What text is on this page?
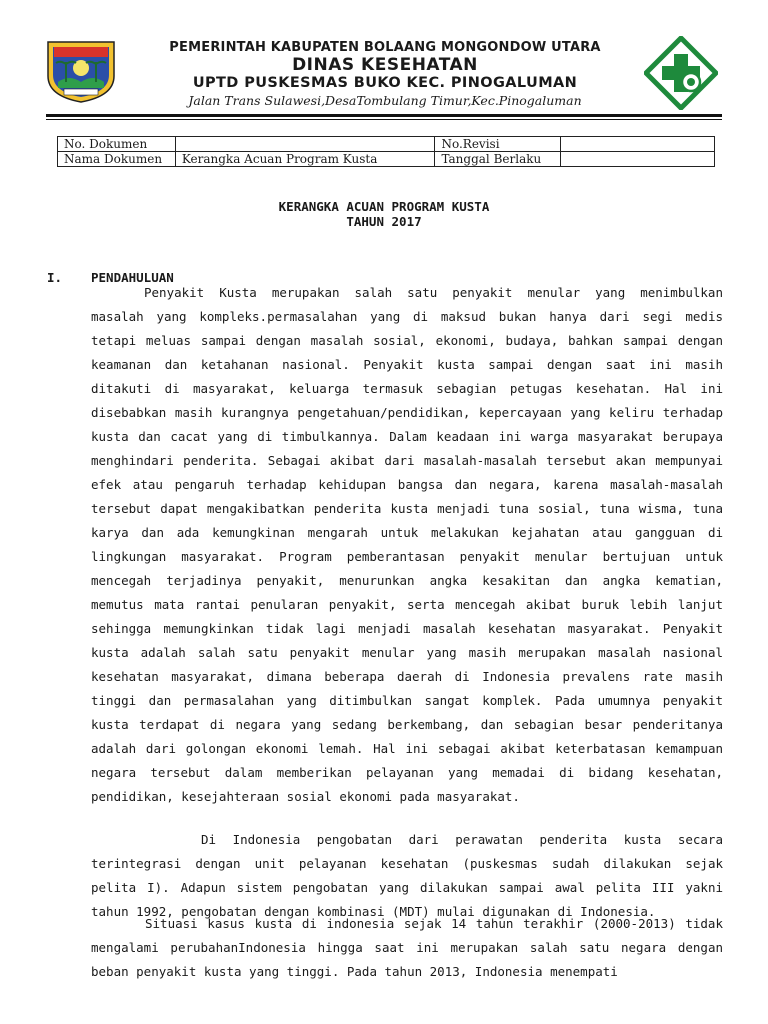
PEMERINTAH KABUPATEN BOLAANG MONGONDOW UTARA
DINAS KESEHATAN
UPTD PUSKESMAS BUKO KEC. PINOGALUMAN
Jalan Trans Sulawesi,DesaTombulang Timur,Kec.Pinogaluman
No. Dokumen		No.Revisi	
Nama Dokumen	Kerangka Acuan Program Kusta	Tanggal Berlaku	
KERANGKA ACUAN PROGRAM KUSTA
TAHUN 2017
I. PENDAHULUAN
Penyakit Kusta merupakan salah satu penyakit menular yang menimbulkan masalah yang kompleks.permasalahan yang di maksud bukan hanya dari segi medis tetapi meluas sampai dengan masalah sosial, ekonomi, budaya, bahkan sampai dengan keamanan dan ketahanan nasional. Penyakit kusta sampai dengan saat ini masih ditakuti di masyarakat, keluarga termasuk sebagian petugas kesehatan. Hal ini disebabkan masih kurangnya pengetahuan/pendidikan, kepercayaan yang keliru terhadap kusta dan cacat yang di timbulkannya. Dalam keadaan ini warga masyarakat berupaya menghindari penderita. Sebagai akibat dari masalah-masalah tersebut akan mempunyai efek atau pengaruh terhadap kehidupan bangsa dan negara, karena masalah-masalah tersebut dapat mengakibatkan penderita kusta menjadi tuna sosial, tuna wisma, tuna karya dan ada kemungkinan mengarah untuk melakukan kejahatan atau gangguan di lingkungan masyarakat. Program pemberantasan penyakit menular bertujuan untuk mencegah terjadinya penyakit, menurunkan angka kesakitan dan angka kematian, memutus mata rantai penularan penyakit, serta mencegah akibat buruk lebih lanjut sehingga memungkinkan tidak lagi menjadi masalah kesehatan masyarakat. Penyakit kusta adalah salah satu penyakit menular yang masih merupakan masalah nasional kesehatan masyarakat, dimana beberapa daerah di Indonesia prevalens rate masih tinggi dan permasalahan yang ditimbulkan sangat komplek. Pada umumnya penyakit kusta terdapat di negara yang sedang berkembang, dan sebagian besar penderitanya adalah dari golongan ekonomi lemah. Hal ini sebagai akibat keterbatasan kemampuan negara tersebut dalam memberikan pelayanan yang memadai di bidang kesehatan, pendidikan, kesejahteraan sosial ekonomi pada masyarakat.
Di Indonesia pengobatan dari perawatan penderita kusta secara terintegrasi dengan unit pelayanan kesehatan (puskesmas sudah dilakukan sejak pelita I). Adapun sistem pengobatan yang dilakukan sampai awal pelita III yakni tahun 1992, pengobatan dengan kombinasi (MDT) mulai digunakan di Indonesia.
Situasi kasus kusta di indonesia sejak 14 tahun terakhir (2000-2013) tidak mengalami perubahanIndonesia hingga saat ini merupakan salah satu negara dengan beban penyakit kusta yang tinggi. Pada tahun 2013, Indonesia menempati
